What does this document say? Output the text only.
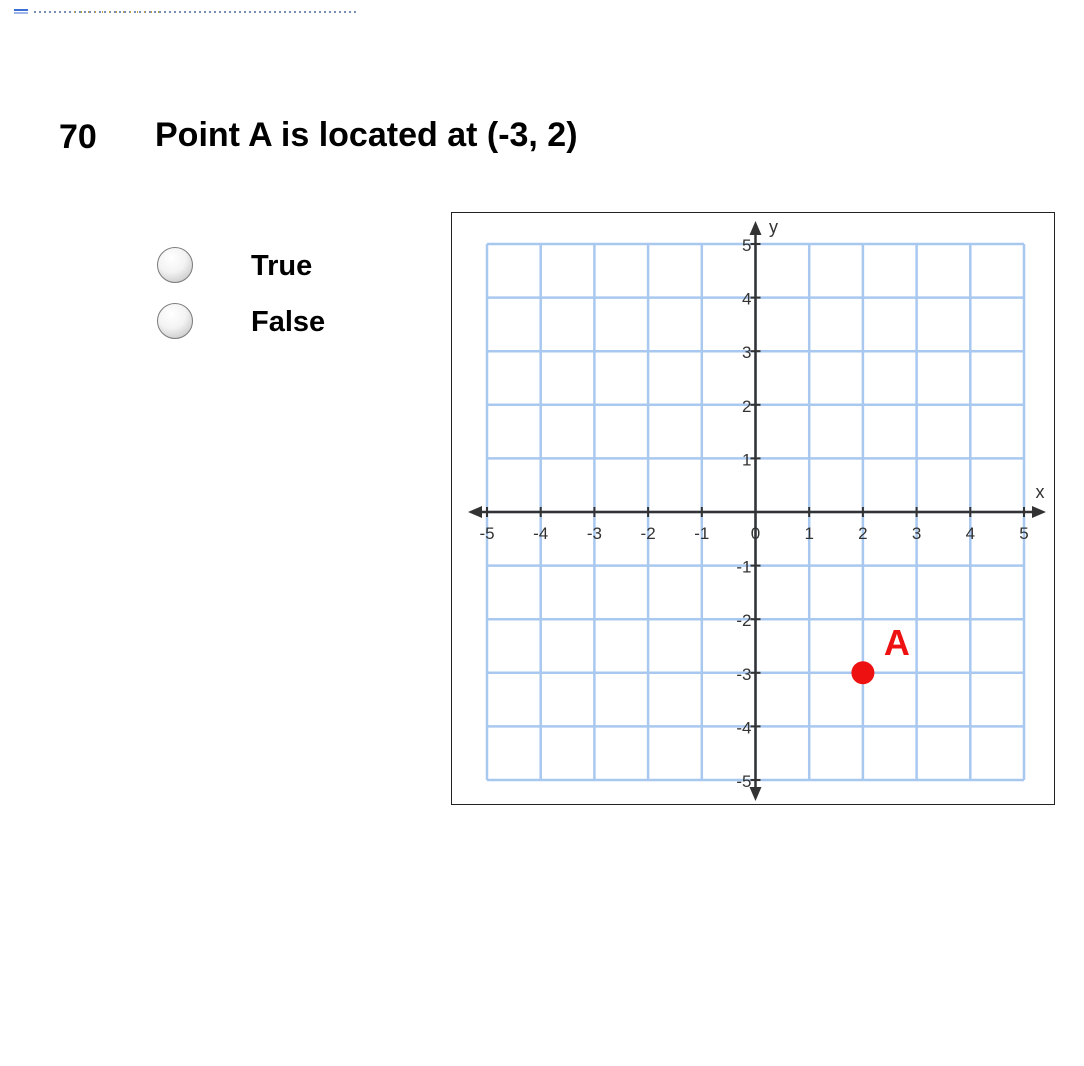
70 Point A is located at (-3, 2)
True
False
-5 -4 -3 -2 -1 0	1	2	3	4	5
5
4
3
2
1
-1
-2
-3
-4
-5
x
y
A
